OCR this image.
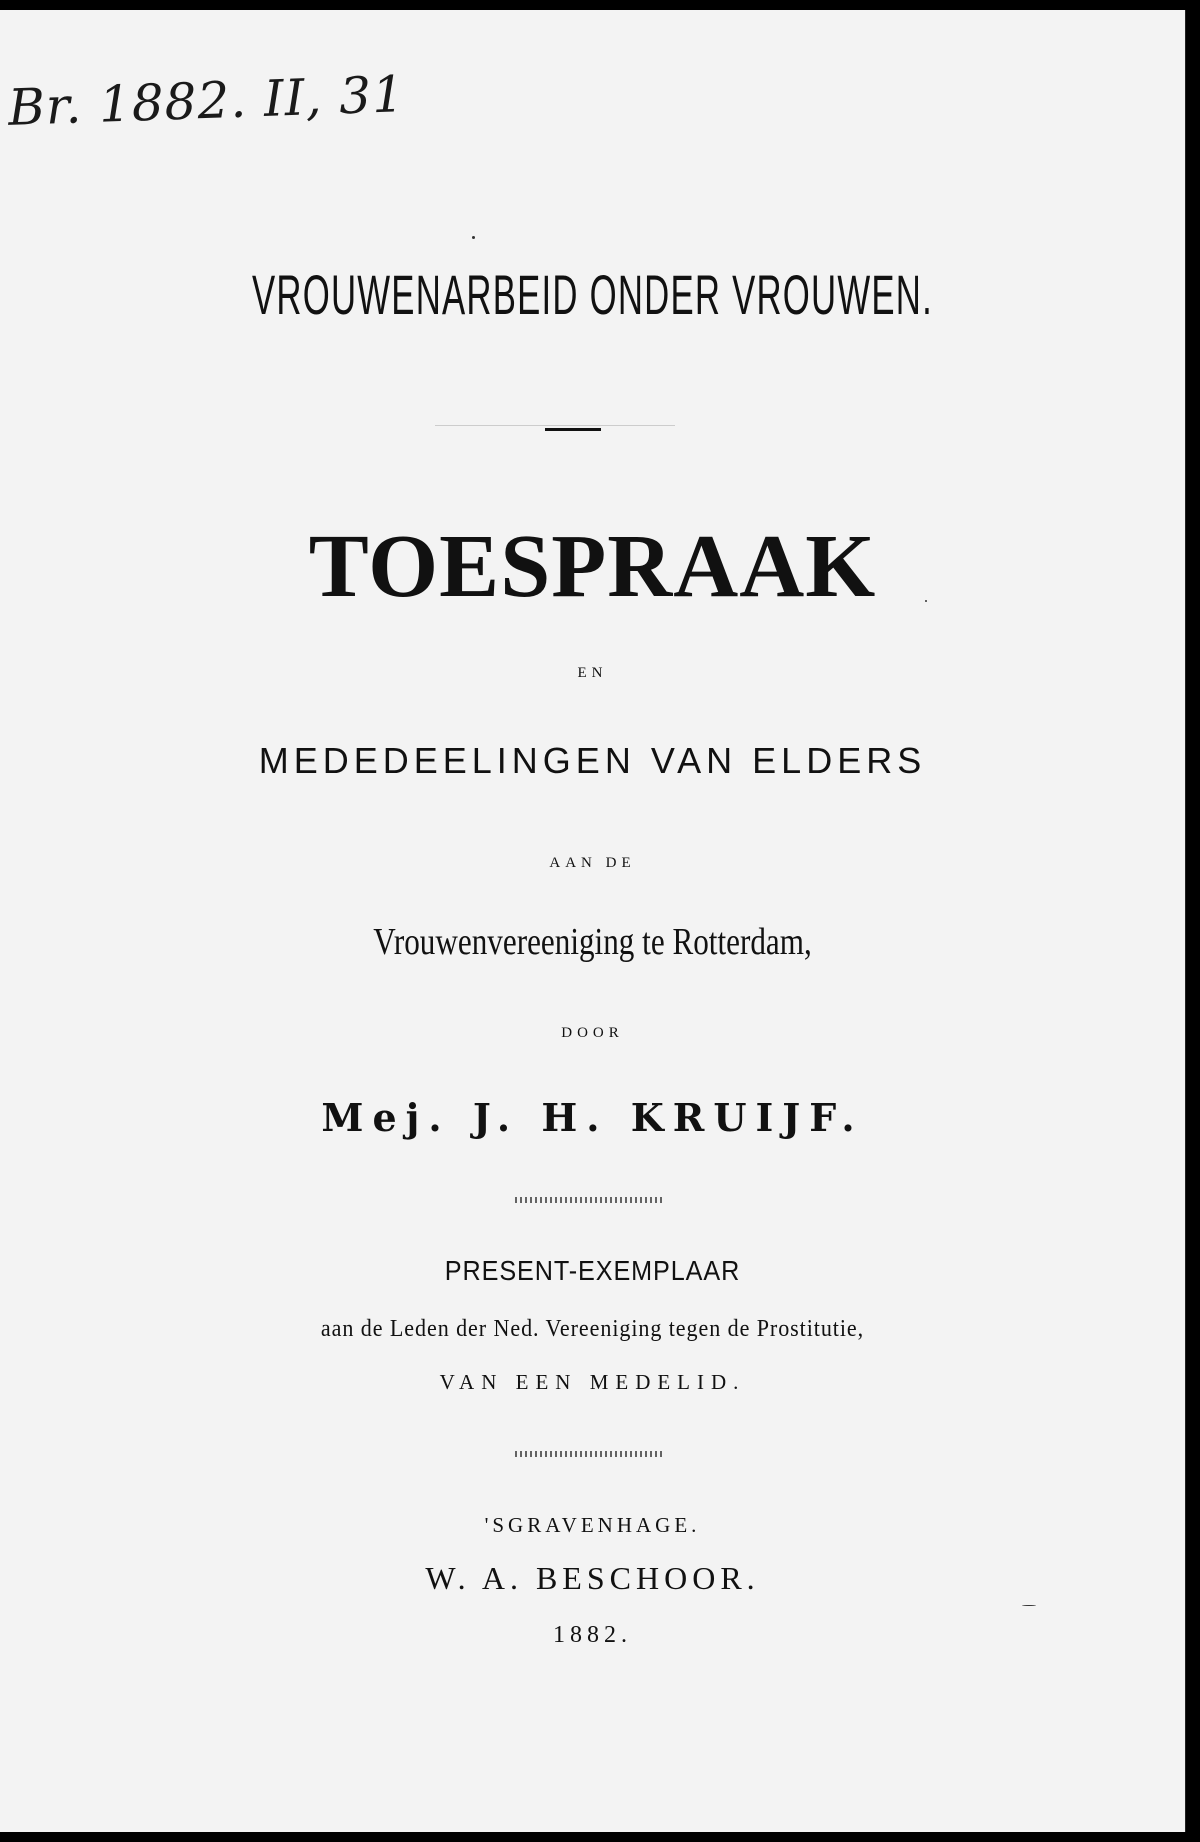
Br. 1882. II, 31
VROUWENARBEID ONDER VROUWEN.
TOESPRAAK
EN
MEDEDEELINGEN VAN ELDERS
AAN DE
Vrouwenvereeniging te Rotterdam,
DOOR
Mej. J. H. KRUIJF.
PRESENT-EXEMPLAAR
aan de Leden der Ned. Vereeniging tegen de Prostitutie,
VAN EEN MEDELID.
'SGRAVENHAGE.
W. A. BESCHOOR.
1882.
